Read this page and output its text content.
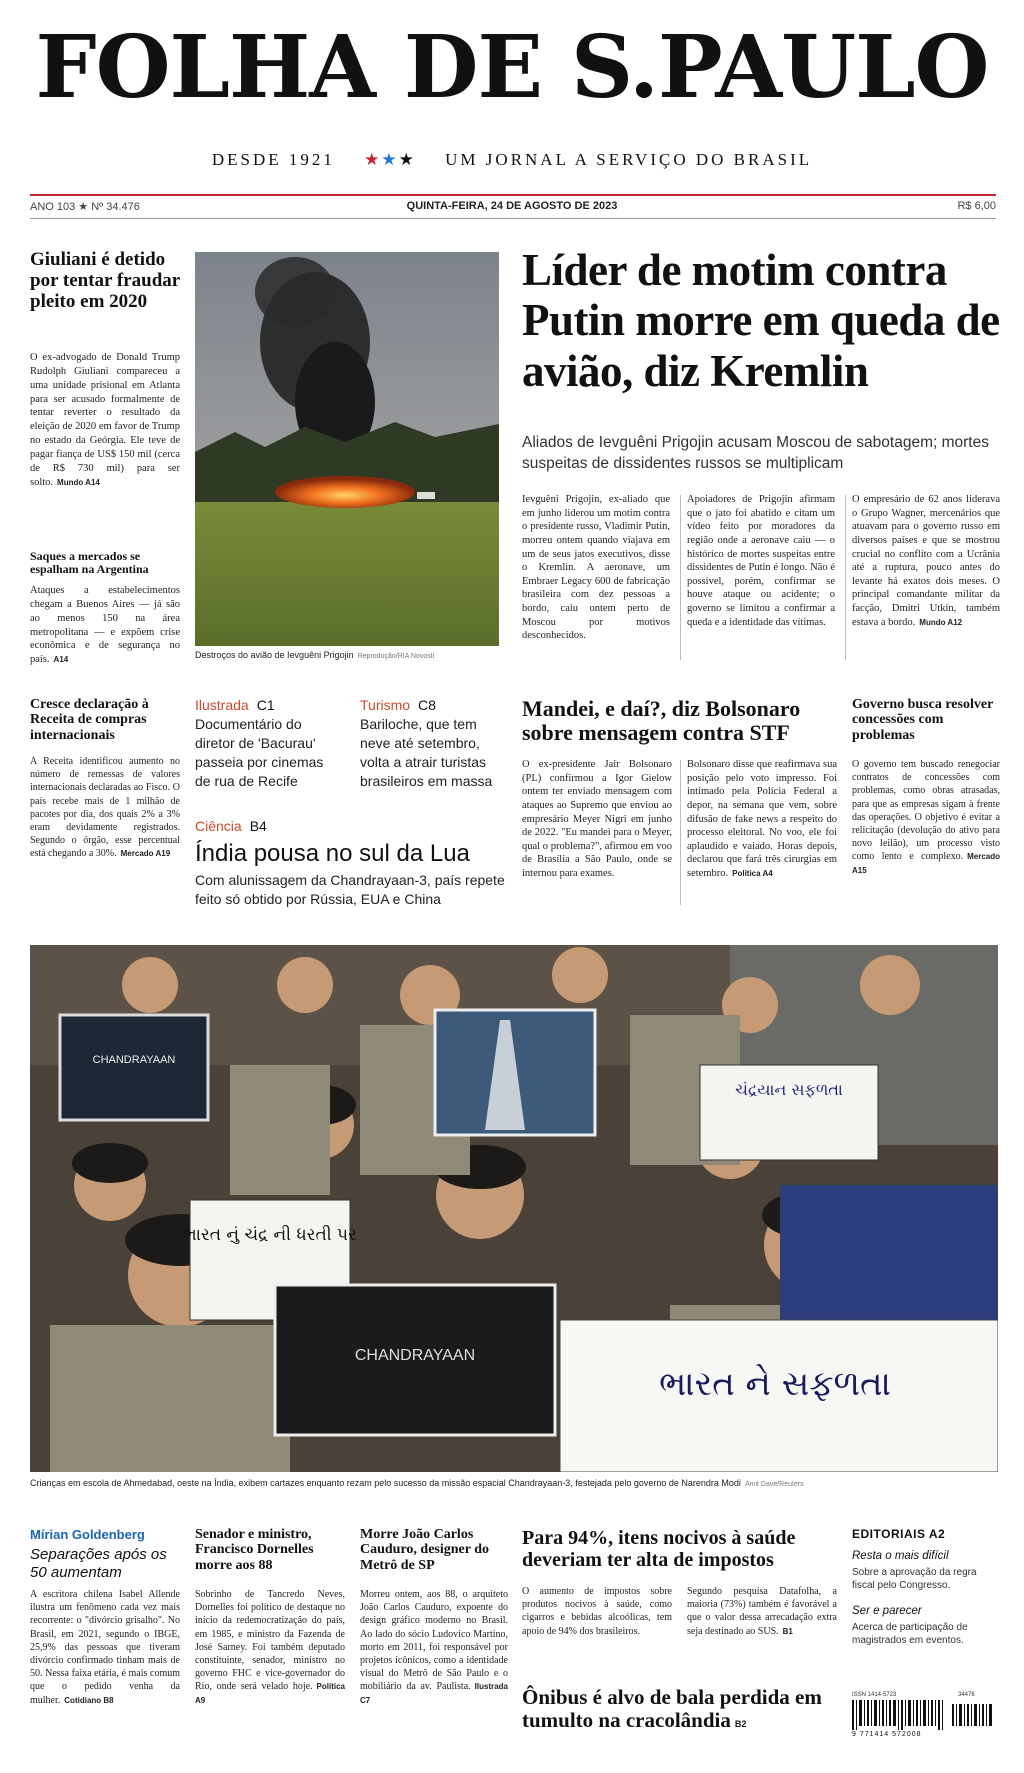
FOLHA DE S.PAULO
DESDE 1921 ★★★ UM JORNAL A SERVIÇO DO BRASIL
ANO 103 ★ Nº 34.476	QUINTA-FEIRA, 24 DE AGOSTO DE 2023	R$ 6,00
Giuliani é detido por tentar fraudar pleito em 2020
O ex-advogado de Donald Trump Rudolph Giuliani compareceu a uma unidade prisional em Atlanta para ser acusado formalmente de tentar reverter o resultado da eleição de 2020 em favor de Trump no estado da Geórgia. Ele teve de pagar fiança de US$ 150 mil (cerca de R$ 730 mil) para ser solto. Mundo A14
Saques a mercados se espalham na Argentina
Ataques a estabelecimentos chegam a Buenos Aires — já são ao menos 150 na área metropolitana — e expõem crise econômica e de segurança no país. A14	Destroços do avião de Ievguêni Prigojin Reprodução/RIA Novosti
Líder de motim contra Putin morre em queda de avião, diz Kremlin
Aliados de Ievguêni Prigojin acusam Moscou de sabotagem; mortes suspeitas de dissidentes russos se multiplicam
Ievguêni Prigojin, ex-aliado que em junho liderou um motim contra o presidente russo, Vladimir Putin, morreu ontem quando viajava em um de seus jatos executivos, disse o Kremlin. A aeronave, um Embraer Legacy 600 de fabricação brasileira com dez pessoas a bordo, caiu ontem perto de Moscou por motivos desconhecidos.
Apoiadores de Prigojin afirmam que o jato foi abatido e citam um vídeo feito por moradores da região onde a aeronave caiu — o histórico de mortes suspeitas entre dissidentes de Putin é longo. Não é possível, porém, confirmar se houve ataque ou acidente; o governo se limitou a confirmar a queda e a identidade das vítimas.
O empresário de 62 anos liderava o Grupo Wagner, mercenários que atuavam para o governo russo em diversos países e que se mostrou crucial no conflito com a Ucrânia até a ruptura, pouco antes do levante há exatos dois meses. O principal comandante militar da facção, Dmitri Utkin, também estava a bordo. Mundo A12
Cresce declaração à Receita de compras internacionais
A Receita identificou aumento no número de remessas de valores internacionais declaradas ao Fisco. O país recebe mais de 1 milhão de pacotes por dia, dos quais 2% a 3% eram devidamente registrados. Segundo o órgão, esse percentual está chegando a 30%. Mercado A19
Ilustrada C1
Documentário do diretor de 'Bacurau' passeia por cinemas de rua de Recife
Turismo C8
Bariloche, que tem neve até setembro, volta a atrair turistas brasileiros em massa
Ciência B4
Índia pousa no sul da Lua
Com alunissagem da Chandrayaan-3, país repete feito só obtido por Rússia, EUA e China
Mandei, e daí?, diz Bolsonaro sobre mensagem contra STF
O ex-presidente Jair Bolsonaro (PL) confirmou a Igor Gielow ontem ter enviado mensagem com ataques ao Supremo que enviou ao empresário Meyer Nigri em junho de 2022. "Eu mandei para o Meyer, qual o problema?", afirmou em voo de Brasília a São Paulo, onde se internou para exames.
Bolsonaro disse que reafirmava sua posição pelo voto impresso. Foi intimado pela Polícia Federal a depor, na semana que vem, sobre difusão de fake news a respeito do processo eleitoral. No voo, ele foi aplaudido e vaiado. Horas depois, declarou que fará três cirurgias em setembro. Política A4
Governo busca resolver concessões com problemas
O governo tem buscado renegociar contratos de concessões com problemas, como obras atrasadas, para que as empresas sigam à frente das operações. O objetivo é evitar a relicitação (devolução do ativo para novo leilão), um processo visto como lento e complexo. Mercado A15
CHANDRAYAAN
ચંદ્રયાન સફળતા
ભારત નું ચંદ્ર ની ધરતી પર
CHANDRAYAAN
ભારત ને સફળતા
Crianças em escola de Ahmedabad, oeste na Índia, exibem cartazes enquanto rezam pelo sucesso da missão espacial Chandrayaan-3, festejada pelo governo de Narendra Modi Amit Dave/Reuters
Mírian Goldenberg
Separações após os 50 aumentam
A escritora chilena Isabel Allende ilustra um fenômeno cada vez mais recorrente: o "divórcio grisalho". No Brasil, em 2021, segundo o IBGE, 25,9% das pessoas que tiveram divórcio confirmado tinham mais de 50. Nessa faixa etária, é mais comum que o pedido venha da mulher. Cotidiano B8
Senador e ministro, Francisco Dornelles morre aos 88
Sobrinho de Tancredo Neves, Dornelles foi político de destaque no início da redemocratização do país, em 1985, e ministro da Fazenda de José Sarney. Foi também deputado constituinte, senador, ministro no governo FHC e vice-governador do Rio, onde será velado hoje. Política A9
Morre João Carlos Cauduro, designer do Metrô de SP
Morreu ontem, aos 88, o arquiteto João Carlos Cauduro, expoente do design gráfico moderno no Brasil. Ao lado do sócio Ludovico Martino, morto em 2011, foi responsável por projetos icônicos, como a identidade visual do Metrô de São Paulo e o mobiliário da av. Paulista. Ilustrada C7
Para 94%, itens nocivos à saúde deveriam ter alta de impostos
O aumento de impostos sobre produtos nocivos à saúde, como cigarros e bebidas alcoólicas, tem apoio de 94% dos brasileiros.
Segundo pesquisa Datafolha, a maioria (73%) também é favorável a que o valor dessa arrecadação extra seja destinado ao SUS. B1
Ônibus é alvo de bala perdida em tumulto na cracolândia B2
EDITORIAIS A2
Resta o mais difícil
Sobre a aprovação da regra fiscal pelo Congresso.
Ser e parecer
Acerca de participação de magistrados em eventos.
ISSN 1414-5723	34476
9 771414 572008
